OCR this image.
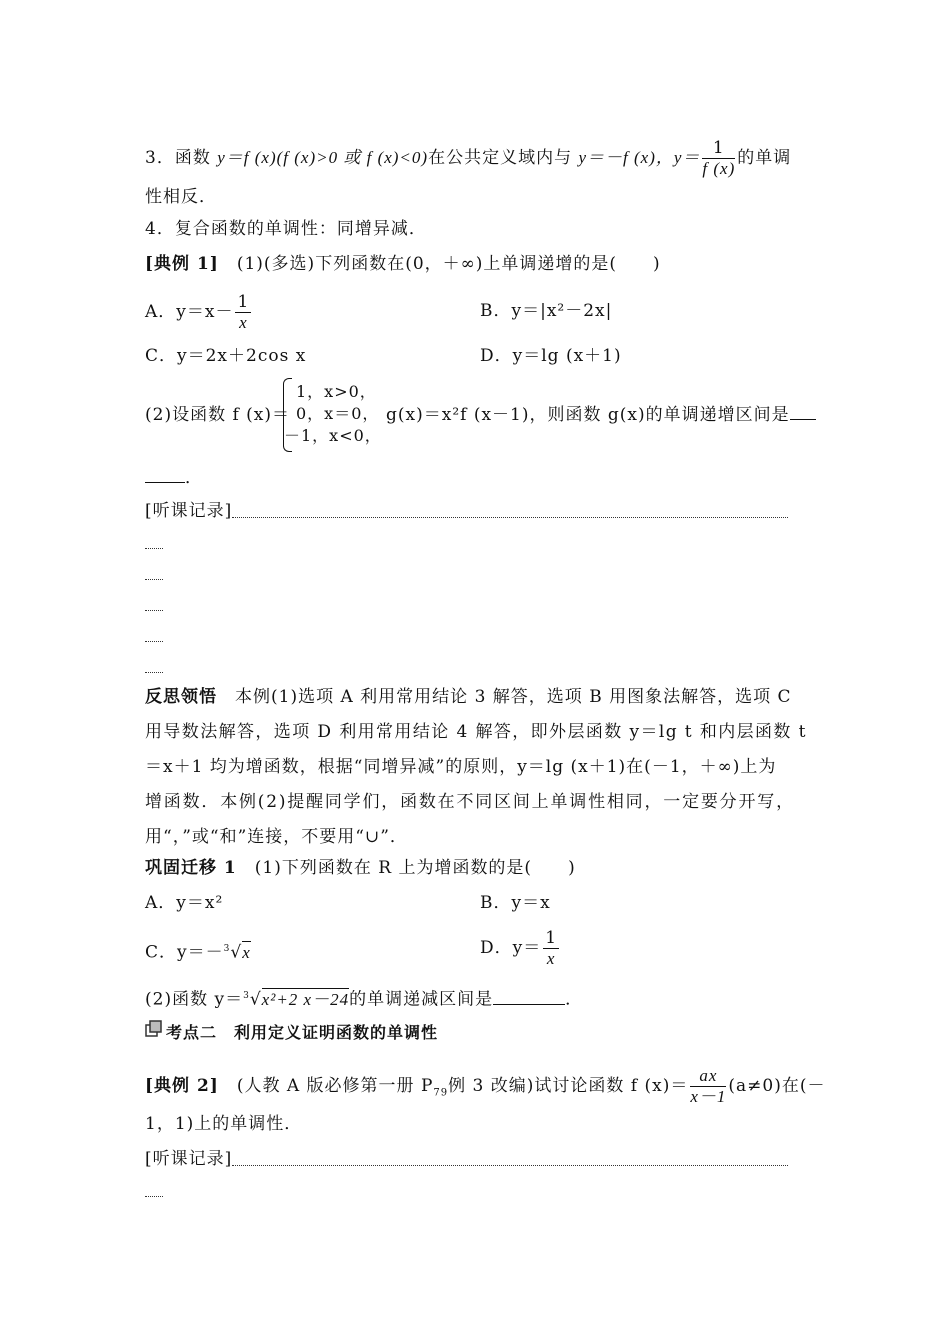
3．函数 y＝f (x)(f (x)>0 或 f (x)<0)在公共定义域内与 y＝－f (x)，$y= \frac{1}{f (x)}$ 的单调
性相反．
4．复合函数的单调性：同增异减．
[典例 1]　(1)(多选)下列函数在(0，＋∞)上单调递增的是(　　)
A．$y=x- \frac{1}{x}$	B．y＝|x²－2x|
C．y＝2x＋2cos x	D．y＝lg (x＋1)
(2)设函数 f (x)＝
1，x>0，
0，x＝0，
－1，x<0，
g(x)＝x²f (x－1)，则函数 g(x)的单调递增区间是
．
[听课记录]
反思领悟　本例(1)选项 A 利用常用结论 3 解答，选项 B 用图象法解答，选项 C
用导数法解答，选项 D 利用常用结论 4 解答，即外层函数 y＝lg t 和内层函数 t
＝x＋1 均为增函数，根据“同增异减”的原则，y＝lg (x＋1)在(－1，＋∞)上为
增函数．本例(2)提醒同学们，函数在不同区间上单调性相同，一定要分开写，
用“，”或“和”连接，不要用“∪”．
巩固迁移 1　(1)下列函数在 R 上为增函数的是(　　)
A．y＝x²	B．y＝x
C．y＝－$^3$√x	D．$y= \frac{1}{x}$
(2)函数 y＝$^3$√x²+2 x－24的单调递减区间是	．
考点二　利用定义证明函数的单调性
[典例 2]　(人教 A 版必修第一册 $P_{79}$例 3 改编)试讨论函数 f $(x)= \frac{ax}{x-1} (a\ne 0)$在(－
1，1)上的单调性．
[听课记录]
